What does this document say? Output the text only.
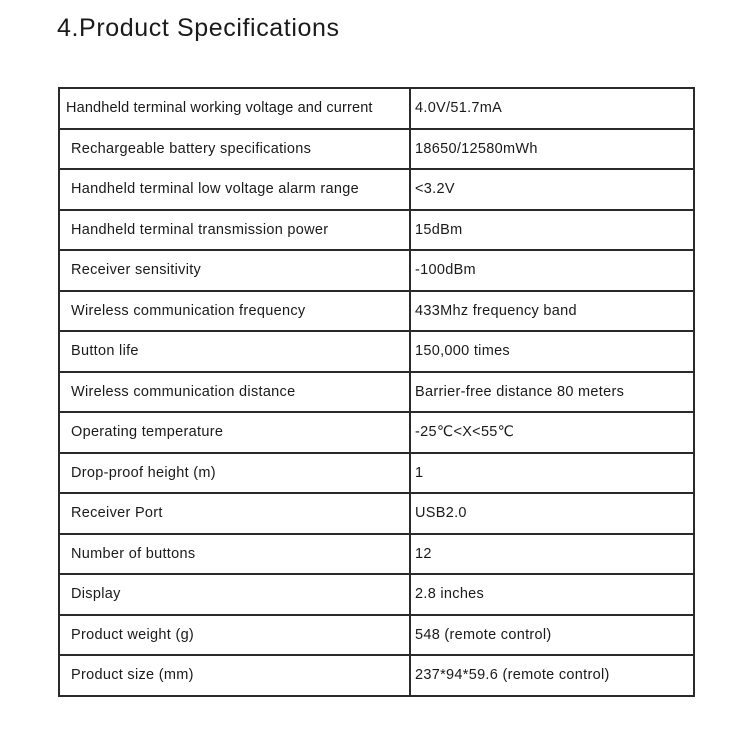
4.Product Specifications
Handheld terminal working voltage and current	4.0V/51.7mA
Rechargeable battery specifications	18650/12580mWh
Handheld terminal low voltage alarm range	<3.2V
Handheld terminal transmission power	15dBm
Receiver sensitivity	-100dBm
Wireless communication frequency	433Mhz frequency band
Button life	150,000 times
Wireless communication distance	Barrier-free distance 80 meters
Operating temperature	-25℃<X<55℃
Drop-proof height (m)	1
Receiver Port	USB2.0
Number of buttons	12
Display	2.8 inches
Product weight (g)	548 (remote control)
Product size (mm)	237*94*59.6 (remote control)
